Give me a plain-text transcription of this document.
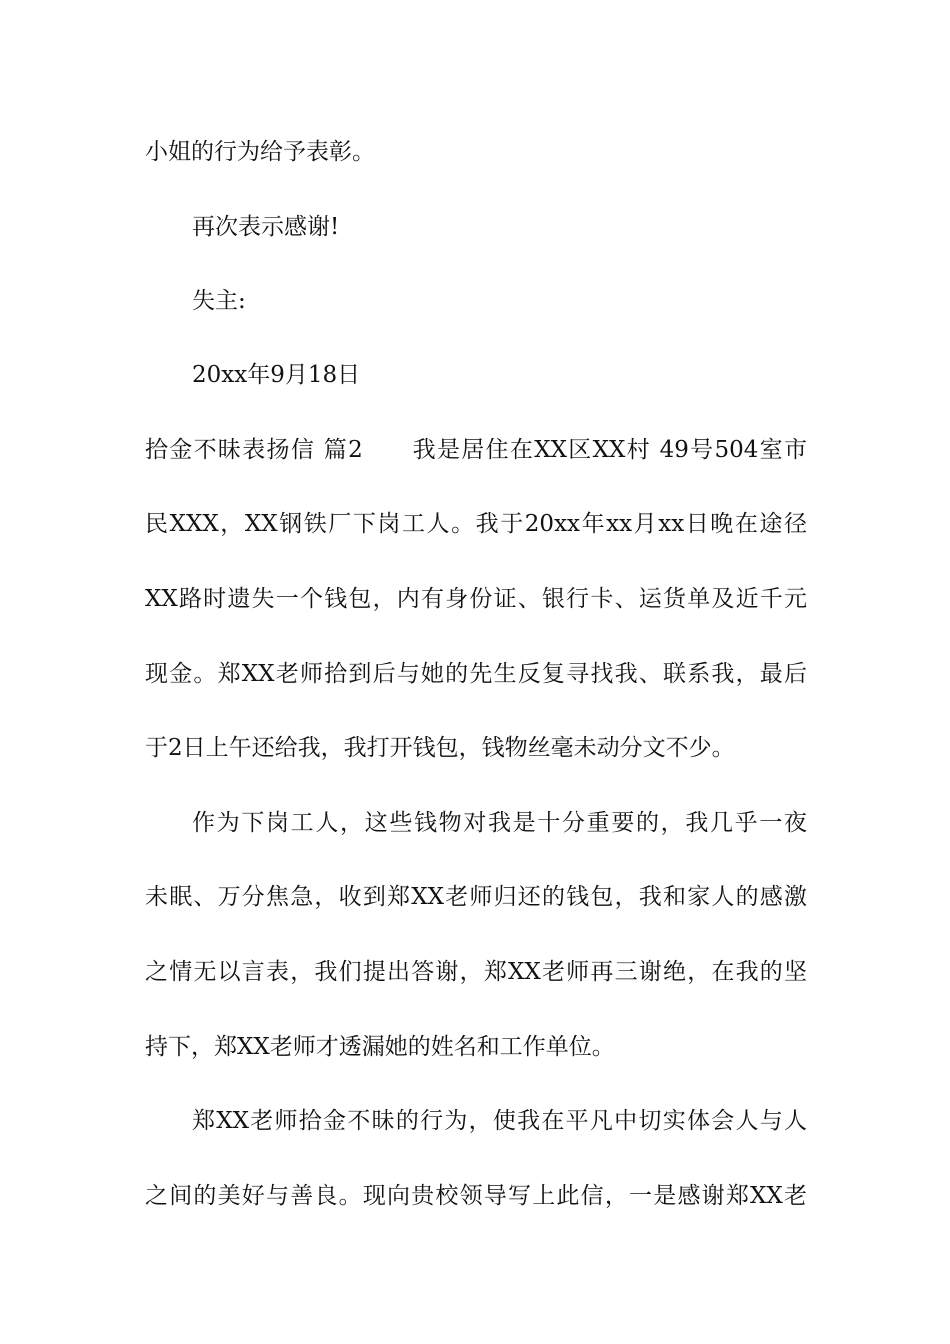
小姐的行为给予表彰。
再次表示感谢!
失主:
20xx年9月18日
拾金不昧表扬信 篇2　　我是居住在XX区XX村 49号504室市
民XXX，XX钢铁厂下岗工人。我于20xx年xx月xx日晚在途径
XX路时遗失一个钱包，内有身份证、银行卡、运货单及近千元
现金。郑XX老师拾到后与她的先生反复寻找我、联系我，最后
于2日上午还给我，我打开钱包，钱物丝毫未动分文不少。
作为下岗工人，这些钱物对我是十分重要的，我几乎一夜
未眠、万分焦急，收到郑XX老师归还的钱包，我和家人的感激
之情无以言表，我们提出答谢，郑XX老师再三谢绝，在我的坚
持下，郑XX老师才透漏她的姓名和工作单位。
郑XX老师拾金不昧的行为，使我在平凡中切实体会人与人
之间的美好与善良。现向贵校领导写上此信，一是感谢郑XX老
